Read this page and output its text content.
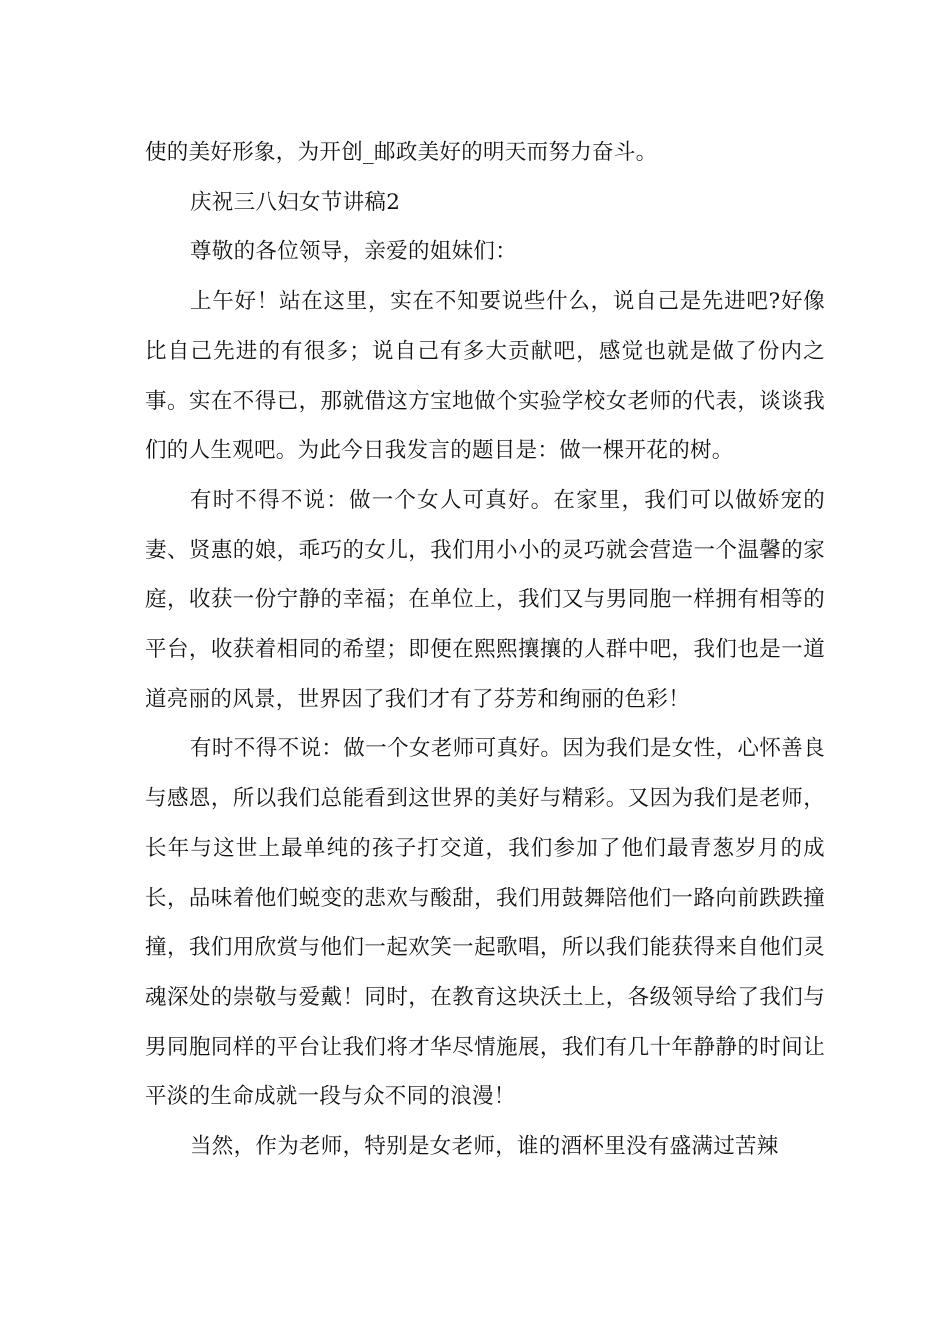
使的美好形象，为开创_邮政美好的明天而努力奋斗。

庆祝三八妇女节讲稿2

尊敬的各位领导，亲爱的姐妹们：

上午好！站在这里，实在不知要说些什么，说自己是先进吧?好像比自己先进的有很多；说自己有多大贡献吧，感觉也就是做了份内之事。实在不得已，那就借这方宝地做个实验学校女老师的代表，谈谈我们的人生观吧。为此今日我发言的题目是：做一棵开花的树。

有时不得不说：做一个女人可真好。在家里，我们可以做娇宠的妻、贤惠的娘，乖巧的女儿，我们用小小的灵巧就会营造一个温馨的家庭，收获一份宁静的幸福；在单位上，我们又与男同胞一样拥有相等的平台，收获着相同的希望；即便在熙熙攘攘的人群中吧，我们也是一道道亮丽的风景，世界因了我们才有了芬芳和绚丽的色彩！

有时不得不说：做一个女老师可真好。因为我们是女性，心怀善良与感恩，所以我们总能看到这世界的美好与精彩。又因为我们是老师，长年与这世上最单纯的孩子打交道，我们参加了他们最青葱岁月的成长，品味着他们蜕变的悲欢与酸甜，我们用鼓舞陪他们一路向前跌跌撞撞，我们用欣赏与他们一起欢笑一起歌唱，所以我们能获得来自他们灵魂深处的崇敬与爱戴！同时，在教育这块沃土上，各级领导给了我们与男同胞同样的平台让我们将才华尽情施展，我们有几十年静静的时间让平淡的生命成就一段与众不同的浪漫！

当然，作为老师，特别是女老师，谁的酒杯里没有盛满过苦辣
